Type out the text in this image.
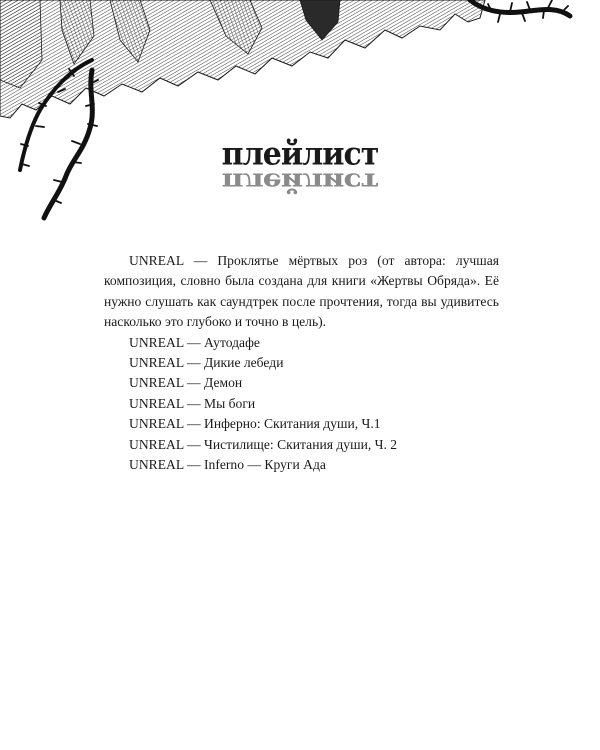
плейлист
плейлист

UNREAL — Проклятье мёртвых роз (от автора: лучшая композиция, словно была создана для книги «Жертвы Обряда». Её нужно слушать как саундтрек после прочтения, тогда вы удивитесь насколько это глубоко и точно в цель).

UNREAL — Аутодафе
UNREAL — Дикие лебеди
UNREAL — Демон
UNREAL — Мы боги
UNREAL — Инферно: Скитания души, Ч.1
UNREAL — Чистилище: Скитания души, Ч. 2
UNREAL — Inferno — Круги Ада
